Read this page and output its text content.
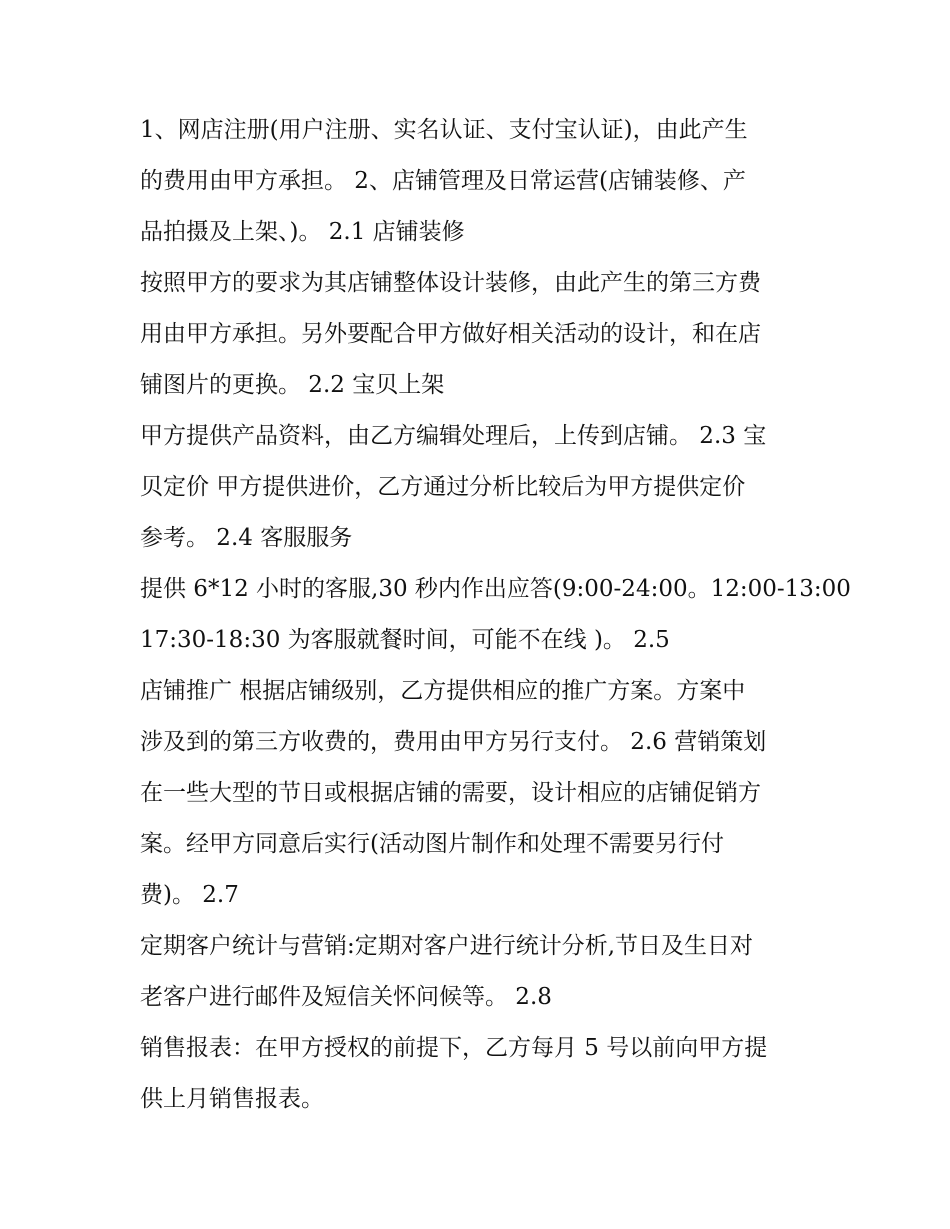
1、网店注册(用户注册、实名认证、支付宝认证)，由此产生
的费用由甲方承担。 2、店铺管理及日常运营(店铺装修、产
品拍摄及上架、)。 2.1 店铺装修
按照甲方的要求为其店铺整体设计装修，由此产生的第三方费
用由甲方承担。另外要配合甲方做好相关活动的设计，和在店
铺图片的更换。 2.2 宝贝上架
甲方提供产品资料，由乙方编辑处理后，上传到店铺。 2.3 宝
贝定价 甲方提供进价，乙方通过分析比较后为甲方提供定价
参考。 2.4 客服服务
提供 6*12 小时的客服,30 秒内作出应答(9:00-24:00。12:00-13:00
17:30-18:30 为客服就餐时间，可能不在线 )。 2.5
店铺推广 根据店铺级别，乙方提供相应的推广方案。方案中
涉及到的第三方收费的，费用由甲方另行支付。 2.6 营销策划
在一些大型的节日或根据店铺的需要，设计相应的店铺促销方
案。经甲方同意后实行(活动图片制作和处理不需要另行付
费)。 2.7
定期客户统计与营销:定期对客户进行统计分析,节日及生日对
老客户进行邮件及短信关怀问候等。 2.8
销售报表：在甲方授权的前提下，乙方每月 5 号以前向甲方提
供上月销售报表。
